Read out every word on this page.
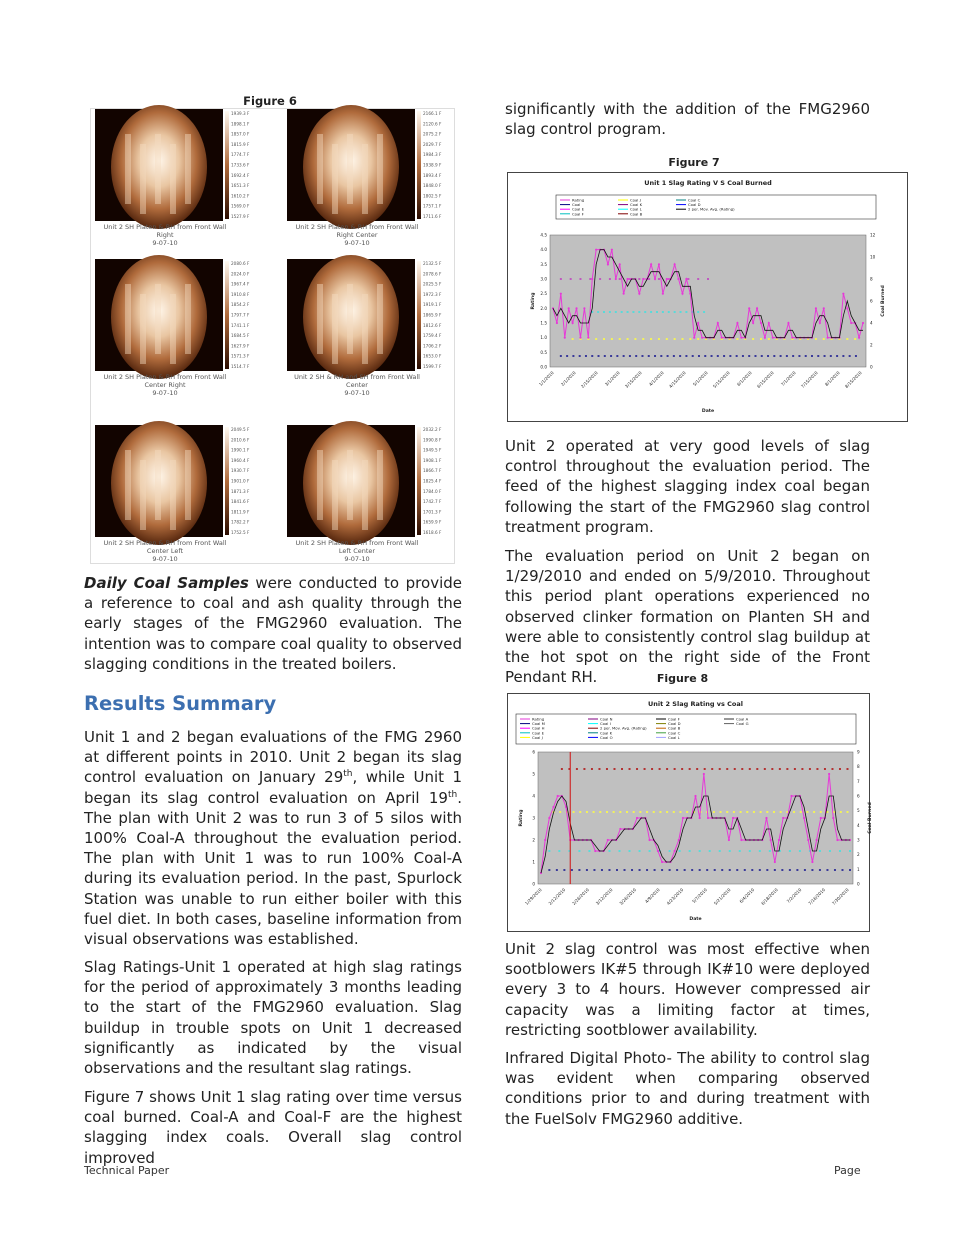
Figure 6
1939.3 F
1898.1 F
1857.0 F
1815.9 F
1774.7 F
1733.6 F
1692.4 F
1651.3 F
1610.2 F
1569.0 F
1527.9 F
Unit 2 SH Platen & RH from Front Wall
Right
9-07-10
2166.1 F
2120.6 F
2075.2 F
2029.7 F
1984.3 F
1938.9 F
1893.4 F
1848.0 F
1802.5 F
1757.1 F
1711.6 F
Unit 2 SH Platen & RH from Front Wall
Right Center
9-07-10
2080.6 F
2024.0 F
1967.4 F
1910.8 F
1854.2 F
1797.7 F
1741.1 F
1684.5 F
1627.9 F
1571.3 F
1514.7 F
Unit 2 SH Platen & RH from Front Wall
Center Right
9-07-10
2132.5 F
2078.6 F
2025.5 F
1972.3 F
1919.1 F
1865.9 F
1812.6 F
1759.4 F
1706.2 F
1653.0 F
1599.7 F
Unit 2 SH & RH and SH from Front Wall
Center
9-07-10
2049.5 F
2010.6 F
1990.1 F
1960.4 F
1930.7 F
1901.0 F
1871.3 F
1841.6 F
1811.9 F
1782.2 F
1752.5 F
Unit 2 SH Platen & RH from Front Wall
Center Left
9-07-10
2032.2 F
1990.8 F
1949.5 F
1908.1 F
1866.7 F
1825.4 F
1784.0 F
1742.7 F
1701.3 F
1659.9 F
1618.6 F
Unit 2 SH Platen & RH from Front Wall
Left Center
9-07-10

Daily Coal Samples were conducted to provide a reference to coal and ash quality through the early stages of the FMG2960 evaluation. The intention was to compare coal quality to observed slagging conditions in the treated boilers.

Results Summary

Unit 1 and 2 began evaluations of the FMG 2960 at different points in 2010. Unit 2 began its slag control evaluation on January 29th, while Unit 1 began its slag control evaluation on April 19th. The plan with Unit 2 was to run 3 of 5 silos with 100% Coal-A throughout the evaluation period. The plan with Unit 1 was to run 100% Coal-A during its evaluation period. In the past, Spurlock Station was unable to run either boiler with this fuel diet. In both cases, baseline information from visual observations was established.

Slag Ratings-Unit 1 operated at high slag ratings for the period of approximately 3 months leading to the start of the FMG2960 evaluation. Slag buildup in trouble spots on Unit 1 decreased significantly as indicated by the visual observations and the resultant slag ratings.

Figure 7 shows Unit 1 slag rating over time versus coal burned. Coal-A and Coal-F are the highest slagging index coals. Overall slag control improved

significantly with the addition of the FMG2960 slag control program.

Figure 7

Unit 2 operated at very good levels of slag control throughout the evaluation period. The feed of the highest slagging index coal began following the start of the FMG2960 slag control treatment program.

The evaluation period on Unit 2 began on 1/29/2010 and ended on 5/9/2010. Throughout this period plant operations experienced no observed clinker formation on Planten SH and were able to consistently control slag buildup at the hot spot on the right side of the Front Pendant RH.	Figure 8

Unit 2 slag control was most effective when sootblowers IK#5 through IK#10 were deployed every 3 to 4 hours. However compressed air capacity was a limiting factor at times, restricting sootblower availability.

Infrared Digital Photo- The ability to control slag was evident when comparing observed conditions prior to and during treatment with the FuelSolv FMG2960 additive.

Unit 1 Slag Rating V S Coal Burned
Rating
Coal
Coal E
Coal F
Coal J
Coal K
Coal L
Coal B
Coal C
Coal D
2 per. Mov. Avg. (Rating)
0.0
0.5
1.0
1.5
2.0
2.5
3.0
3.5
4.0
4.5
0
2
4
6
8
10
12
1/1/2010 2/1/2010 2/15/2010 3/1/2010 3/15/2010 4/1/2010 4/15/2010 5/1/2010 5/15/2010 6/1/2010 6/15/2010 7/1/2010 7/15/2010 8/1/2010 8/15/2010
Date
Rating	Coal Burned
Unit 2 Slag Rating vs Coal
Rating
Coal M
Coal H
Coal E
Coal J
Coal N
Coal I
2 per. Mov. Avg. (Rating)
Coal K
Coal O
Coal F
Coal D
Coal B
Coal C
Coal L
Coal A
Coal G
0
1
2
3
4
5
6
0
1
2
3
4
5
6
7
8
9
1/29/2010 2/12/2010 2/26/2010 3/12/2010 3/26/2010 4/9/2010 4/23/2010 5/7/2010 5/21/2010 6/4/2010 6/18/2010 7/2/2010 7/16/2010 7/30/2010
Date
Rating	Coal Burned
Technical Paper	Page
